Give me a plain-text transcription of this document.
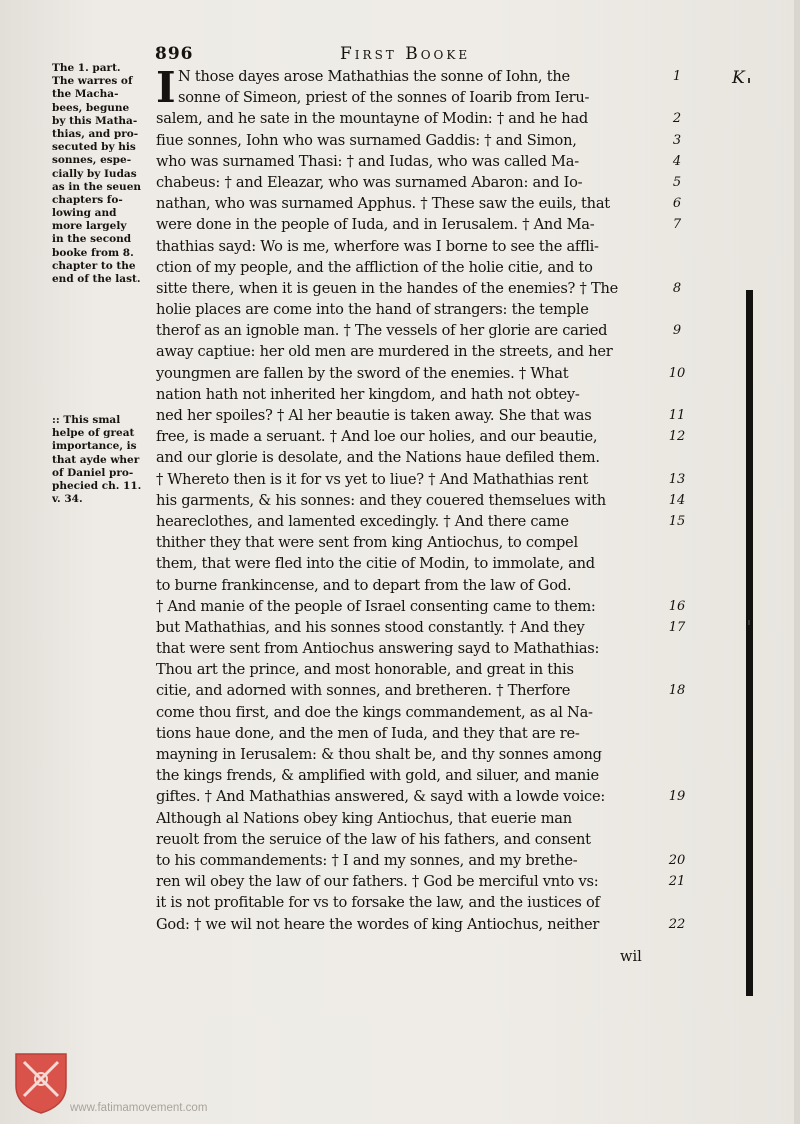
896	First Booke
K
The 1. part.
The warres of
the Macha-
bees, begune
by this Matha-
thias, and pro-
secuted by his
sonnes, espe-
cially by Iudas
as in the seuen
chapters fo-
lowing and
more largely
in the second
booke from 8.
chapter to the
end of the last.
:: This smal
helpe of great
importance, is
that ayde wher
of Daniel pro-
phecied ch. 11.
v. 34.
I N those dayes arose Mathathias the sonne of Iohn, the
sonne of Simeon, priest of the sonnes of Ioarib from Ieru-
salem, and he sate in the mountayne of Modin: † and he had
fiue sonnes, Iohn who was surnamed Gaddis: † and Simon,
who was surnamed Thasi: † and Iudas, who was called Ma-
chabeus: † and Eleazar, who was surnamed Abaron: and Io-
nathan, who was surnamed Apphus. † These saw the euils, that
were done in the people of Iuda, and in Ierusalem. † And Ma-
thathias sayd: Wo is me, wherfore was I borne to see the affli-
ction of my people, and the affliction of the holie citie, and to
sitte there, when it is geuen in the handes of the enemies? † The
holie places are come into the hand of strangers: the temple
therof as an ignoble man. † The vessels of her glorie are caried
away captiue: her old men are murdered in the streets, and her
youngmen are fallen by the sword of the enemies. † What
nation hath not inherited her kingdom, and hath not obtey-
ned her spoiles? † Al her beautie is taken away. She that was
free, is made a seruant. † And loe our holies, and our beautie,
and our glorie is desolate, and the Nations haue defiled them.
† Whereto then is it for vs yet to liue? † And Mathathias rent
his garments, & his sonnes: and they couered themselues with
heareclothes, and lamented excedingly. † And there came
thither they that were sent from king Antiochus, to compel
them, that were fled into the citie of Modin, to immolate, and
to burne frankincense, and to depart from the law of God.
† And manie of the people of Israel consenting came to them:
but Mathathias, and his sonnes stood constantly. † And they
that were sent from Antiochus answering sayd to Mathathias:
Thou art the prince, and most honorable, and great in this
citie, and adorned with sonnes, and bretheren. † Therfore
come thou first, and doe the kings commandement, as al Na-
tions haue done, and the men of Iuda, and they that are re-
mayning in Ierusalem: & thou shalt be, and thy sonnes among
the kings frends, & amplified with gold, and siluer, and manie
giftes. † And Mathathias answered, & sayd with a lowde voice:
Although al Nations obey king Antiochus, that euerie man
reuolt from the seruice of the law of his fathers, and consent
to his commandements: † I and my sonnes, and my brethe-
ren wil obey the law of our fathers. † God be merciful vnto vs:
it is not profitable for vs to forsake the law, and the iustices of
God: † we wil not heare the wordes of king Antiochus, neither
1
2
3
4
5
6
7
8
9
10
11
12
13
14
15
16
17
18
19
20
21
22
wil
www.fatimamovement.com
